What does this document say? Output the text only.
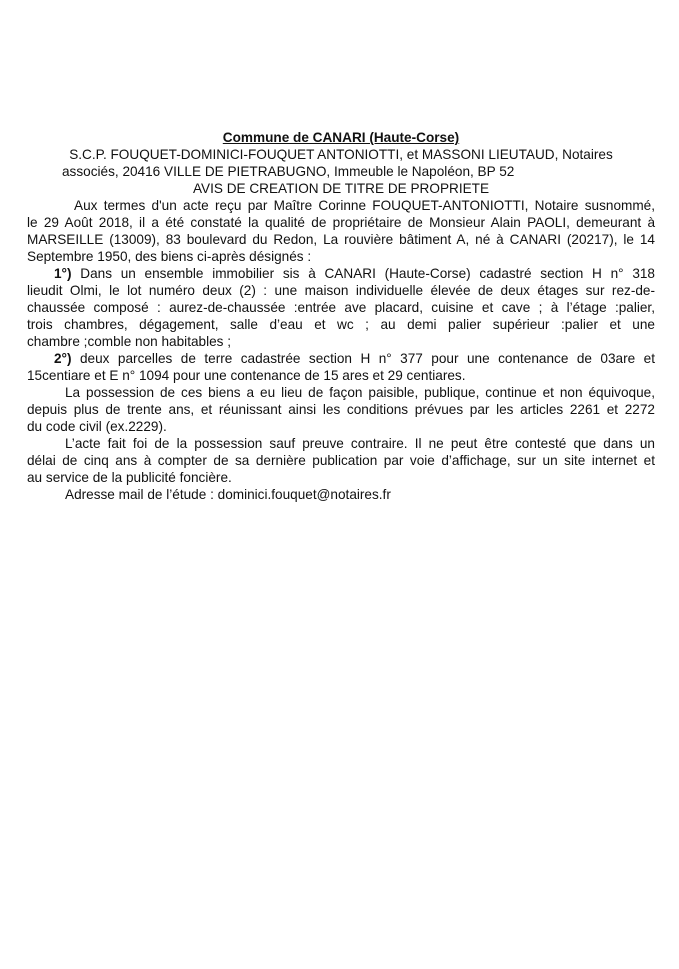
Commune de CANARI (Haute-Corse)
S.C.P. FOUQUET-DOMINICI-FOUQUET ANTONIOTTI, et MASSONI LIEUTAUD, Notaires
associés, 20416 VILLE DE PIETRABUGNO, Immeuble le Napoléon, BP 52
AVIS DE CREATION DE TITRE DE PROPRIETE
Aux termes d'un acte reçu par Maître Corinne FOUQUET-ANTONIOTTI, Notaire susnommé,
le 29 Août 2018, il a été constaté la qualité de propriétaire de Monsieur Alain PAOLI, demeurant à
MARSEILLE (13009), 83 boulevard du Redon, La rouvière bâtiment A, né à CANARI (20217), le 14
Septembre 1950, des biens ci-après désignés :
1°) Dans un ensemble immobilier sis à CANARI (Haute-Corse) cadastré section H n° 318
lieudit Olmi, le lot numéro deux (2) : une maison individuelle élevée de deux étages sur rez-de-
chaussée composé : aurez-de-chaussée :entrée ave placard, cuisine et cave ; à l’étage :palier,
trois chambres, dégagement, salle d’eau et wc ; au demi palier supérieur :palier et une
chambre ;comble non habitables ;
2°) deux parcelles de terre cadastrée section H n° 377 pour une contenance de 03are et
15centiare et E n° 1094 pour une contenance de 15 ares et 29 centiares.
La possession de ces biens a eu lieu de façon paisible, publique, continue et non équivoque,
depuis plus de trente ans, et réunissant ainsi les conditions prévues par les articles 2261 et 2272
du code civil (ex.2229).
L’acte fait foi de la possession sauf preuve contraire. Il ne peut être contesté que dans un
délai de cinq ans à compter de sa dernière publication par voie d’affichage, sur un site internet et
au service de la publicité foncière.
Adresse mail de l’étude : dominici.fouquet@notaires.fr
